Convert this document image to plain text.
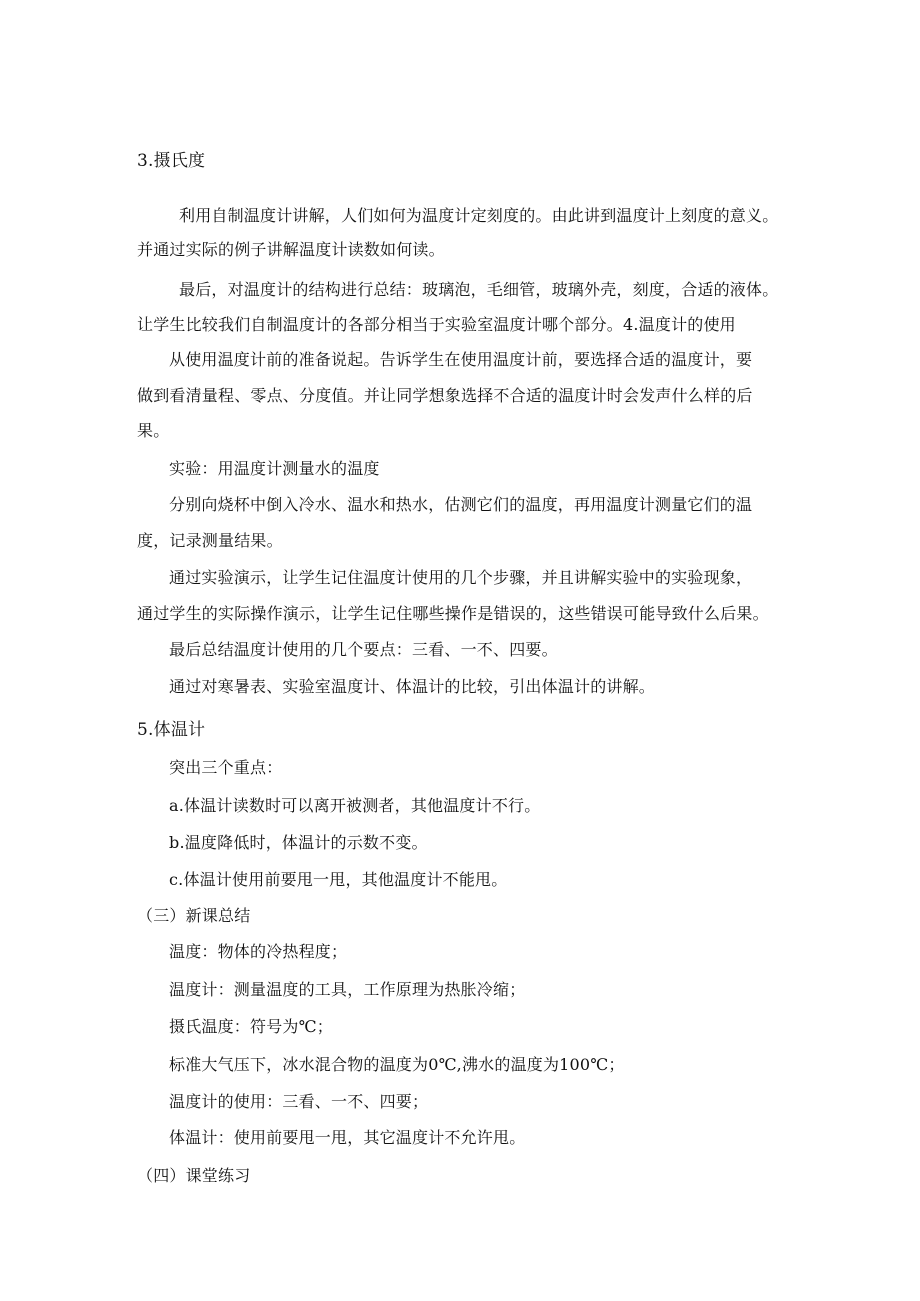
3.摄氏度
利用自制温度计讲解，人们如何为温度计定刻度的。由此讲到温度计上刻度的意义。
并通过实际的例子讲解温度计读数如何读。
最后，对温度计的结构进行总结：玻璃泡，毛细管，玻璃外壳，刻度，合适的液体。
让学生比较我们自制温度计的各部分相当于实验室温度计哪个部分。4.温度计的使用
从使用温度计前的准备说起。告诉学生在使用温度计前，要选择合适的温度计，要
做到看清量程、零点、分度值。并让同学想象选择不合适的温度计时会发声什么样的后
果。
实验：用温度计测量水的温度
分别向烧杯中倒入冷水、温水和热水，估测它们的温度，再用温度计测量它们的温
度，记录测量结果。
通过实验演示，让学生记住温度计使用的几个步骤，并且讲解实验中的实验现象，
通过学生的实际操作演示，让学生记住哪些操作是错误的，这些错误可能导致什么后果。
最后总结温度计使用的几个要点：三看、一不、四要。
通过对寒暑表、实验室温度计、体温计的比较，引出体温计的讲解。
5.体温计
突出三个重点：
a.体温计读数时可以离开被测者，其他温度计不行。
b.温度降低时，体温计的示数不变。
c.体温计使用前要甩一甩，其他温度计不能甩。
（三）新课总结
温度：物体的冷热程度；
温度计：测量温度的工具，工作原理为热胀冷缩；
摄氏温度：符号为℃；
标准大气压下，冰水混合物的温度为0℃,沸水的温度为100℃；
温度计的使用：三看、一不、四要；
体温计：使用前要甩一甩，其它温度计不允许甩。
（四）课堂练习
